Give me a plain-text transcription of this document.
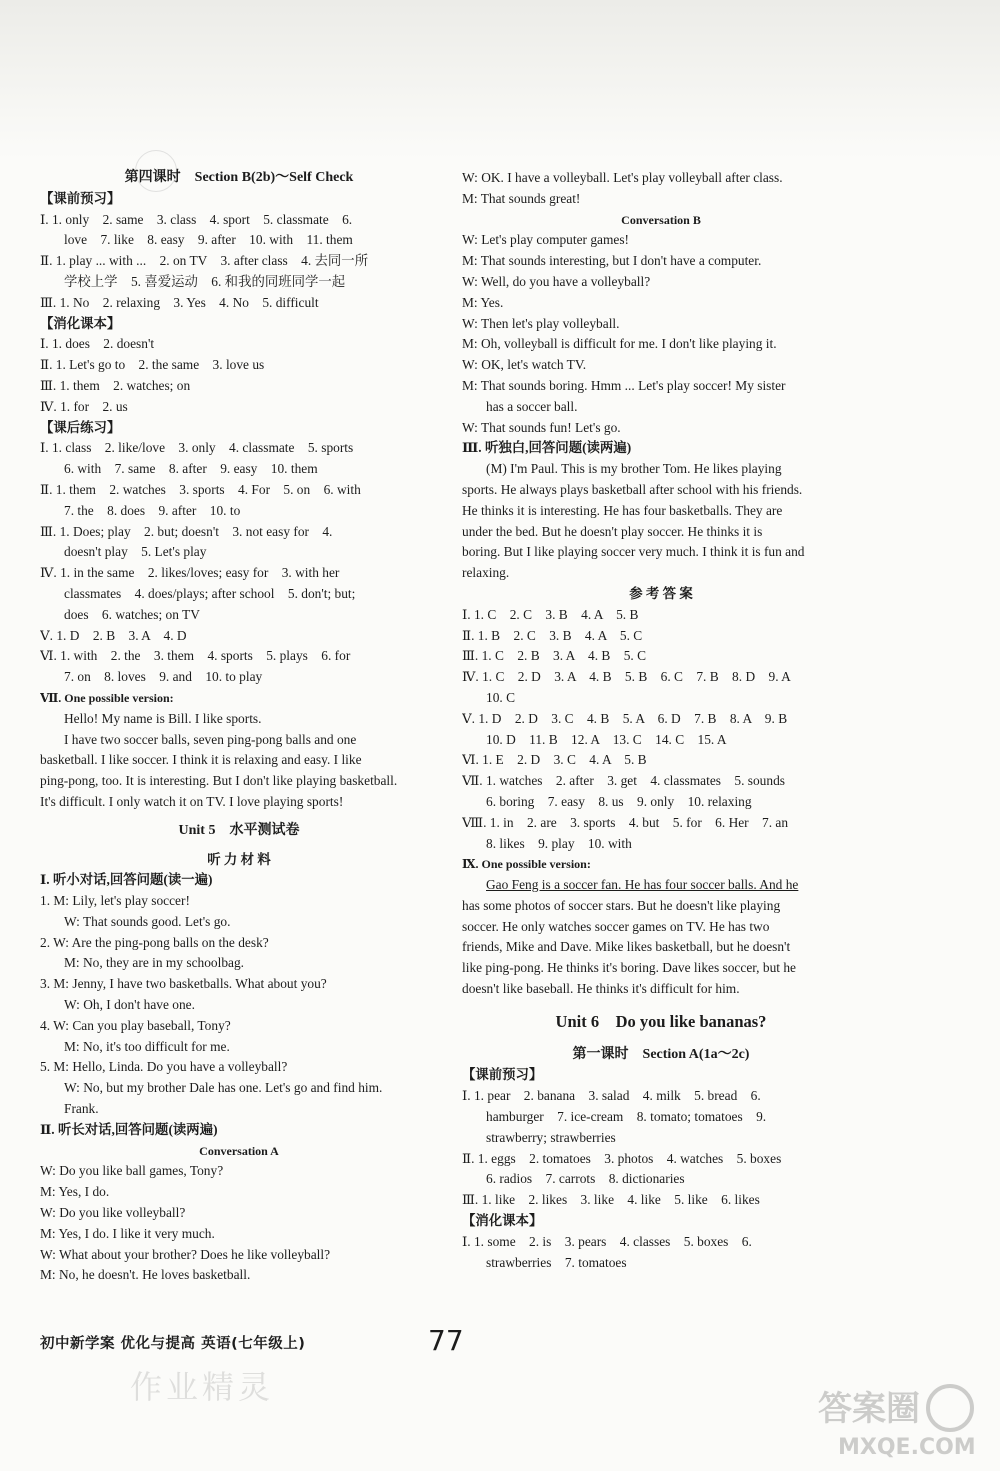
第四课时　Section B(2b)～Self Check
【课前预习】
Ⅰ. 1. only　2. same　3. class　4. sport　5. classmate　6.
love　7. like　8. easy　9. after　10. with　11. them
Ⅱ. 1. play ... with ...　2. on TV　3. after class　4. 去同一所
学校上学　5. 喜爱运动　6. 和我的同班同学一起
Ⅲ. 1. No　2. relaxing　3. Yes　4. No　5. difficult
【消化课本】
Ⅰ. 1. does　2. doesn't
Ⅱ. 1. Let's go to　2. the same　3. love us
Ⅲ. 1. them　2. watches; on
Ⅳ. 1. for　2. us
【课后练习】
Ⅰ. 1. class　2. like/love　3. only　4. classmate　5. sports
6. with　7. same　8. after　9. easy　10. them
Ⅱ. 1. them　2. watches　3. sports　4. For　5. on　6. with
7. the　8. does　9. after　10. to
Ⅲ. 1. Does; play　2. but; doesn't　3. not easy for　4.
doesn't play　5. Let's play
Ⅳ. 1. in the same　2. likes/loves; easy for　3. with her
classmates　4. does/plays; after school　5. don't; but;
does　6. watches; on TV
Ⅴ. 1. D　2. B　3. A　4. D
Ⅵ. 1. with　2. the　3. them　4. sports　5. plays　6. for
7. on　8. loves　9. and　10. to play
Ⅶ. One possible version:
Hello! My name is Bill. I like sports.
I have two soccer balls, seven ping-pong balls and one
basketball. I like soccer. I think it is relaxing and easy. I like
ping-pong, too. It is interesting. But I don't like playing basketball.
It's difficult. I only watch it on TV. I love playing sports!
Unit 5　水平测试卷
听 力 材 料
Ⅰ. 听小对话,回答问题(读一遍)
1. M: Lily, let's play soccer!
W: That sounds good. Let's go.
2. W: Are the ping-pong balls on the desk?
M: No, they are in my schoolbag.
3. M: Jenny, I have two basketballs. What about you?
W: Oh, I don't have one.
4. W: Can you play baseball, Tony?
M: No, it's too difficult for me.
5. M: Hello, Linda. Do you have a volleyball?
W: No, but my brother Dale has one. Let's go and find him.
Frank.
Ⅱ. 听长对话,回答问题(读两遍)
Conversation A
W: Do you like ball games, Tony?
M: Yes, I do.
W: Do you like volleyball?
M: Yes, I do. I like it very much.
W: What about your brother? Does he like volleyball?
M: No, he doesn't. He loves basketball.
W: OK. I have a volleyball. Let's play volleyball after class.
M: That sounds great!
Conversation B
W: Let's play computer games!
M: That sounds interesting, but I don't have a computer.
W: Well, do you have a volleyball?
M: Yes.
W: Then let's play volleyball.
M: Oh, volleyball is difficult for me. I don't like playing it.
W: OK, let's watch TV.
M: That sounds boring. Hmm ... Let's play soccer! My sister
has a soccer ball.
W: That sounds fun! Let's go.
Ⅲ. 听独白,回答问题(读两遍)
(M) I'm Paul. This is my brother Tom. He likes playing
sports. He always plays basketball after school with his friends.
He thinks it is interesting. He has four basketballs. They are
under the bed. But he doesn't play soccer. He thinks it is
boring. But I like playing soccer very much. I think it is fun and
relaxing.
参 考 答 案
Ⅰ. 1. C　2. C　3. B　4. A　5. B
Ⅱ. 1. B　2. C　3. B　4. A　5. C
Ⅲ. 1. C　2. B　3. A　4. B　5. C
Ⅳ. 1. C　2. D　3. A　4. B　5. B　6. C　7. B　8. D　9. A
10. C
Ⅴ. 1. D　2. D　3. C　4. B　5. A　6. D　7. B　8. A　9. B
10. D　11. B　12. A　13. C　14. C　15. A
Ⅵ. 1. E　2. D　3. C　4. A　5. B
Ⅶ. 1. watches　2. after　3. get　4. classmates　5. sounds
6. boring　7. easy　8. us　9. only　10. relaxing
Ⅷ. 1. in　2. are　3. sports　4. but　5. for　6. Her　7. an
8. likes　9. play　10. with
Ⅸ. One possible version:
Gao Feng is a soccer fan. He has four soccer balls. And he
has some photos of soccer stars. But he doesn't like playing
soccer. He only watches soccer games on TV. He has two
friends, Mike and Dave. Mike likes basketball, but he doesn't
like ping-pong. He thinks it's boring. Dave likes soccer, but he
doesn't like baseball. He thinks it's difficult for him.
Unit 6　Do you like bananas?
第一课时　Section A(1a～2c)
【课前预习】
Ⅰ. 1. pear　2. banana　3. salad　4. milk　5. bread　6.
hamburger　7. ice-cream　8. tomato; tomatoes　9.
strawberry; strawberries
Ⅱ. 1. eggs　2. tomatoes　3. photos　4. watches　5. boxes
6. radios　7. carrots　8. dictionaries
Ⅲ. 1. like　2. likes　3. like　4. like　5. like　6. likes
【消化课本】
Ⅰ. 1. some　2. is　3. pears　4. classes　5. boxes　6.
strawberries　7. tomatoes
初中新学案 优化与提高 英语(七年级上)	77
作业精灵
答案圈
MXQE.COM
